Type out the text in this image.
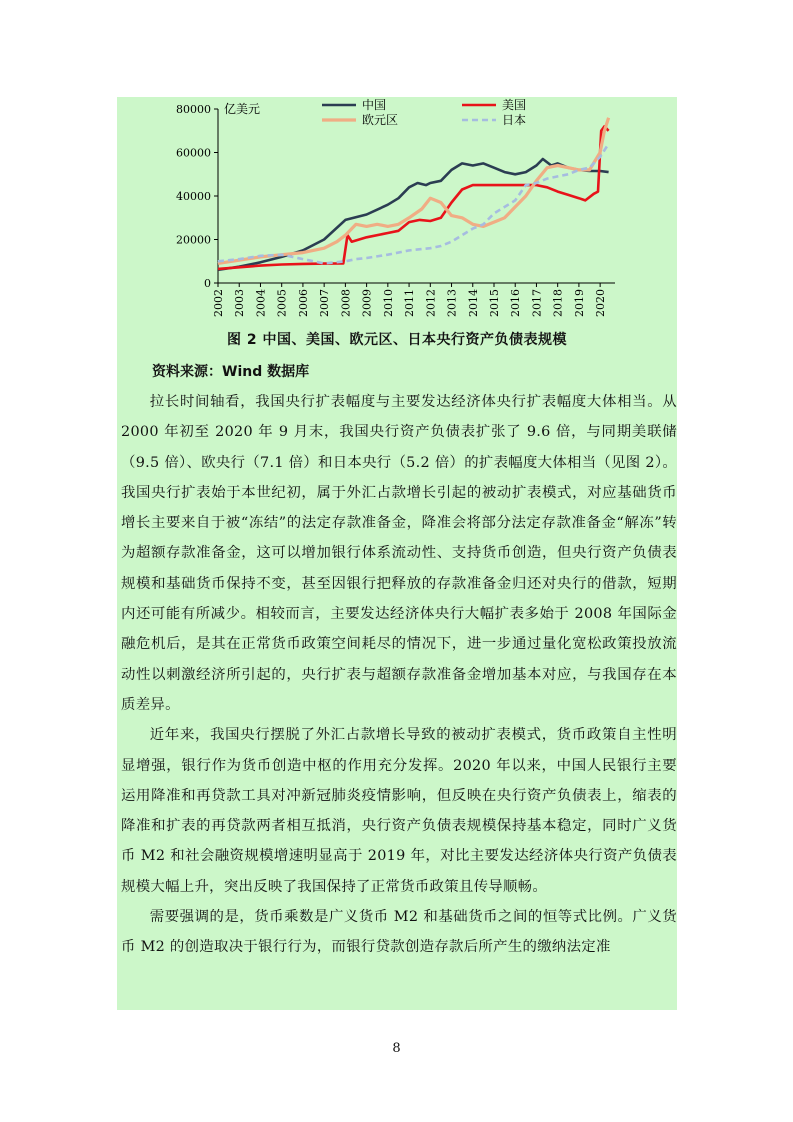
80000
60000
40000
20000
0
亿美元
2002 2003 2004 2005 2006 2007 2008 2009 2010 2011 2012 2013 2014 2015 2016 2017 2018 2019 2020
中国	美国
欧元区	日本
图 2 中国、美国、欧元区、日本央行资产负债表规模
资料来源：Wind 数据库

拉长时间轴看，我国央行扩表幅度与主要发达经济体央行扩表幅度大体相当。从 2000 年初至 2020 年 9 月末，我国央行资产负债表扩张了 9.6 倍，与同期美联储（9.5 倍）、欧央行（7.1 倍）和日本央行（5.2 倍）的扩表幅度大体相当（见图 2）。我国央行扩表始于本世纪初，属于外汇占款增长引起的被动扩表模式，对应基础货币增长主要来自于被“冻结”的法定存款准备金，降准会将部分法定存款准备金“解冻”转为超额存款准备金，这可以增加银行体系流动性、支持货币创造，但央行资产负债表规模和基础货币保持不变，甚至因银行把释放的存款准备金归还对央行的借款，短期内还可能有所减少。相较而言，主要发达经济体央行大幅扩表多始于 2008 年国际金融危机后，是其在正常货币政策空间耗尽的情况下，进一步通过量化宽松政策投放流动性以刺激经济所引起的，央行扩表与超额存款准备金增加基本对应，与我国存在本质差异。

近年来，我国央行摆脱了外汇占款增长导致的被动扩表模式，货币政策自主性明显增强，银行作为货币创造中枢的作用充分发挥。2020 年以来，中国人民银行主要运用降准和再贷款工具对冲新冠肺炎疫情影响，但反映在央行资产负债表上，缩表的降准和扩表的再贷款两者相互抵消，央行资产负债表规模保持基本稳定，同时广义货币 M2 和社会融资规模增速明显高于 2019 年，对比主要发达经济体央行资产负债表规模大幅上升，突出反映了我国保持了正常货币政策且传导顺畅。

需要强调的是，货币乘数是广义货币 M2 和基础货币之间的恒等式比例。广义货币 M2 的创造取决于银行行为，而银行贷款创造存款后所产生的缴纳法定准

8
